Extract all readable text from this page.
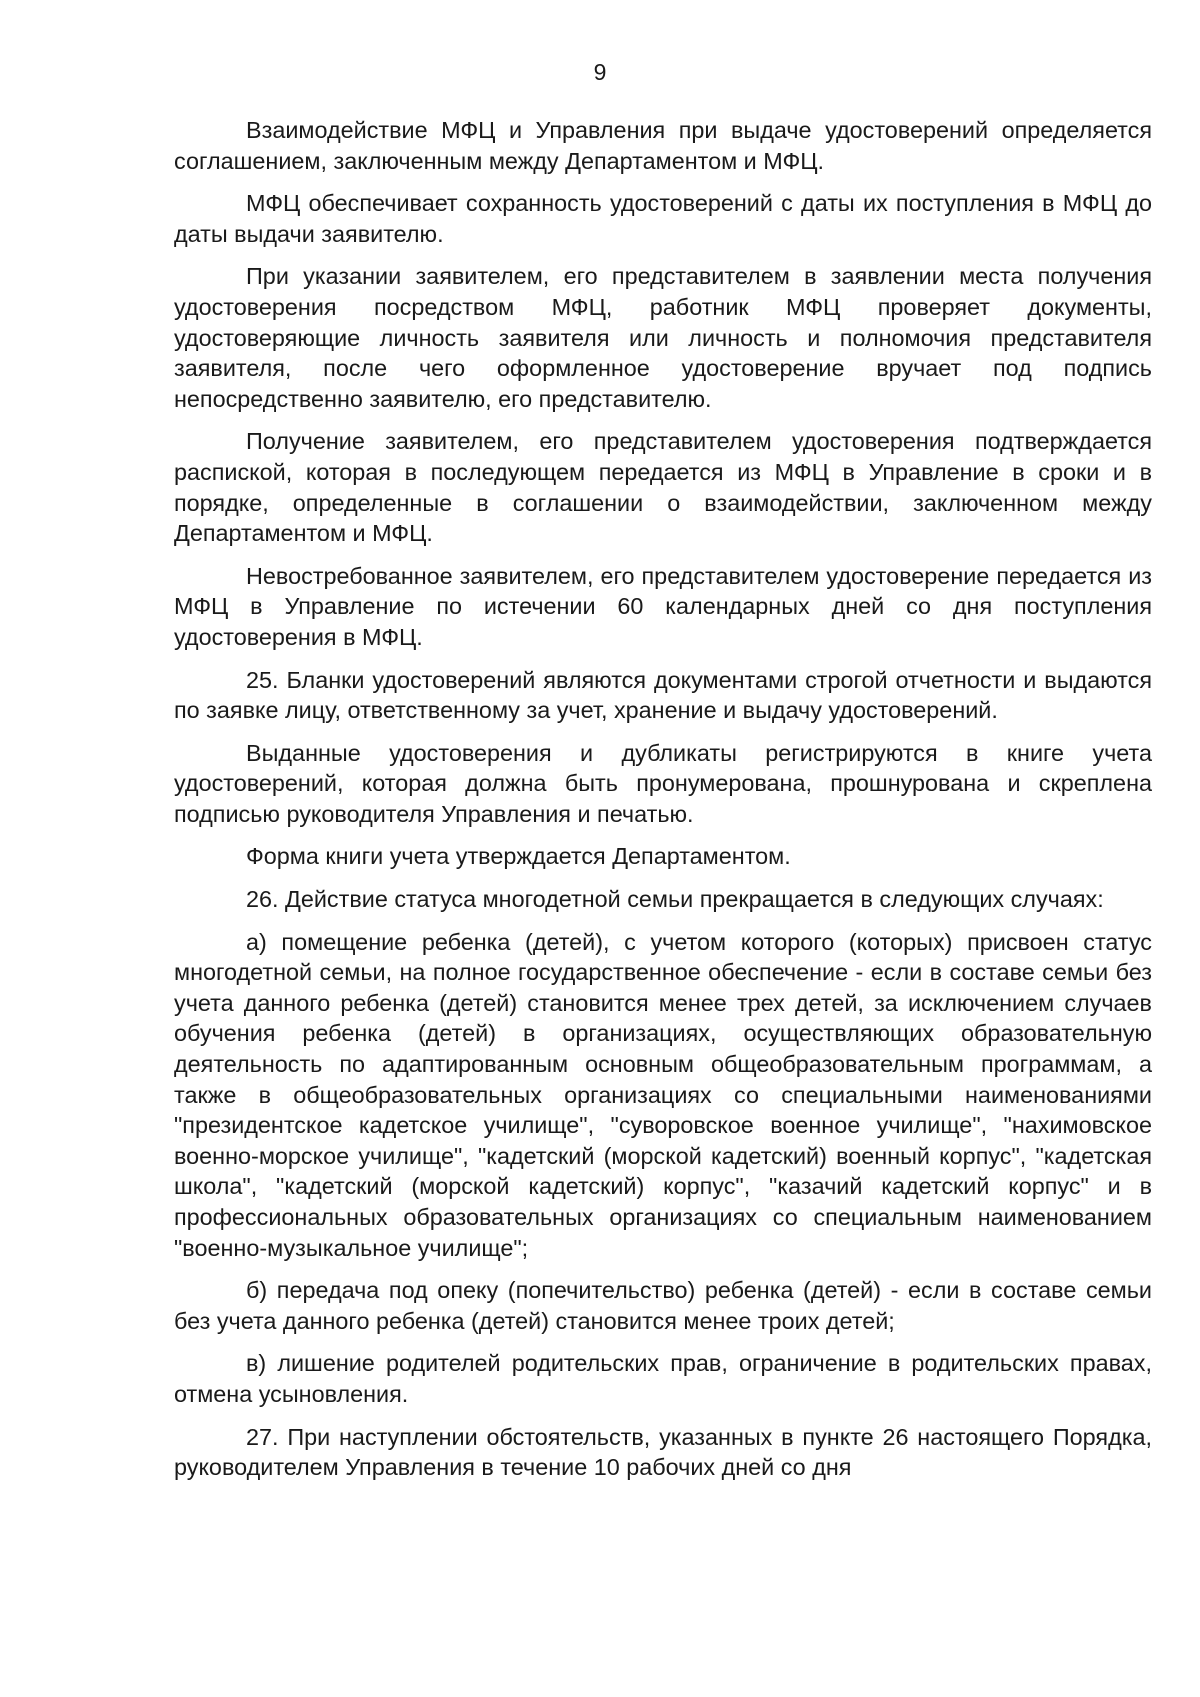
9

Взаимодействие МФЦ и Управления при выдаче удостоверений определяется соглашением, заключенным между Департаментом и МФЦ.

МФЦ обеспечивает сохранность удостоверений с даты их поступления в МФЦ до даты выдачи заявителю.

При указании заявителем, его представителем в заявлении места получения удостоверения посредством МФЦ, работник МФЦ проверяет документы, удостоверяющие личность заявителя или личность и полномочия представителя заявителя, после чего оформленное удостоверение вручает под подпись непосредственно заявителю, его представителю.

Получение заявителем, его представителем удостоверения подтверждается распиской, которая в последующем передается из МФЦ в Управление в сроки и в порядке, определенные в соглашении о взаимодействии, заключенном между Департаментом и МФЦ.

Невостребованное заявителем, его представителем удостоверение передается из МФЦ в Управление по истечении 60 календарных дней со дня поступления удостоверения в МФЦ.

25. Бланки удостоверений являются документами строгой отчетности и выдаются по заявке лицу, ответственному за учет, хранение и выдачу удостоверений.

Выданные удостоверения и дубликаты регистрируются в книге учета удостоверений, которая должна быть пронумерована, прошнурована и скреплена подписью руководителя Управления и печатью.

Форма книги учета утверждается Департаментом.

26. Действие статуса многодетной семьи прекращается в следующих случаях:

а) помещение ребенка (детей), с учетом которого (которых) присвоен статус многодетной семьи, на полное государственное обеспечение - если в составе семьи без учета данного ребенка (детей) становится менее трех детей, за исключением случаев обучения ребенка (детей) в организациях, осуществляющих образовательную деятельность по адаптированным основным общеобразовательным программам, а также в общеобразовательных организациях со специальными наименованиями "президентское кадетское училище", "суворовское военное училище", "нахимовское военно-морское училище", "кадетский (морской кадетский) военный корпус", "кадетская школа", "кадетский (морской кадетский) корпус", "казачий кадетский корпус" и в профессиональных образовательных организациях со специальным наименованием "военно-музыкальное училище";

б) передача под опеку (попечительство) ребенка (детей) - если в составе семьи без учета данного ребенка (детей) становится менее троих детей;

в) лишение родителей родительских прав, ограничение в родительских правах, отмена усыновления.

27. При наступлении обстоятельств, указанных в пункте 26 настоящего Порядка, руководителем Управления в течение 10 рабочих дней со дня
